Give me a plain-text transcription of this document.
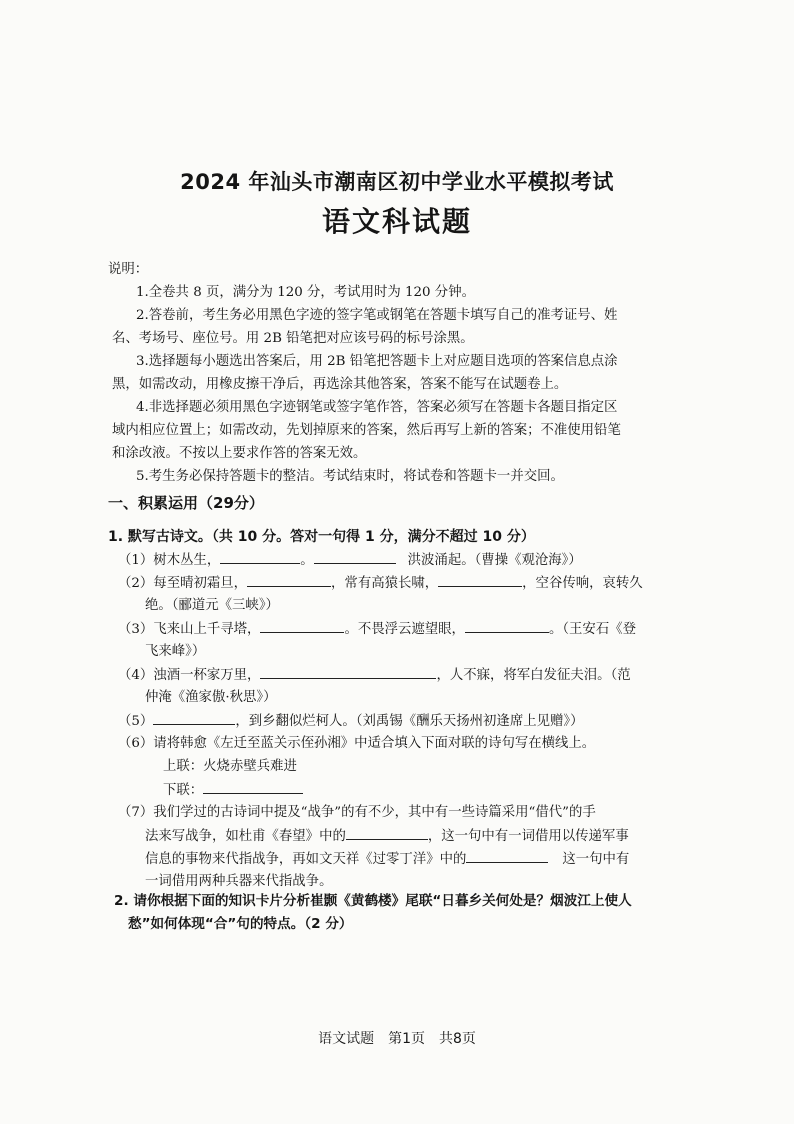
2024 年汕头市潮南区初中学业水平模拟考试
语文科试题
说明：
1.全卷共 8 页，满分为 120 分，考试用时为 120 分钟。
2.答卷前，考生务必用黑色字迹的签字笔或钢笔在答题卡填写自己的准考证号、姓
名、考场号、座位号。用 2B 铅笔把对应该号码的标号涂黑。
3.选择题每小题选出答案后，用 2B 铅笔把答题卡上对应题目选项的答案信息点涂
黑，如需改动，用橡皮擦干净后，再选涂其他答案，答案不能写在试题卷上。
4.非选择题必须用黑色字迹钢笔或签字笔作答，答案必须写在答题卡各题目指定区
域内相应位置上；如需改动，先划掉原来的答案，然后再写上新的答案；不准使用铅笔
和涂改液。不按以上要求作答的答案无效。
5.考生务必保持答题卡的整洁。考试结束时，将试卷和答题卡一并交回。
一、积累运用（29分）
1. 默写古诗文。（共 10 分。答对一句得 1 分，满分不超过 10 分）
（1）树木丛生，	。	洪波涌起。（曹操《观沧海》）
（2）每至晴初霜旦，	，常有高猿长啸，	，空谷传响，哀转久
绝。（郦道元《三峡》）
（3）飞来山上千寻塔，	。不畏浮云遮望眼，	。（王安石《登
飞来峰》）
（4）浊酒一杯家万里，	，人不寐，将军白发征夫泪。（范
仲淹《渔家傲·秋思》）
（5）	，到乡翻似烂柯人。（刘禹锡《酬乐天扬州初逢席上见赠》）
（6）请将韩愈《左迁至蓝关示侄孙湘》中适合填入下面对联的诗句写在横线上。
上联：火烧赤壁兵难进
下联：
（7）我们学过的古诗词中提及“战争”的有不少，其中有一些诗篇采用“借代”的手
法来写战争，如杜甫《春望》中的	，这一句中有一词借用以传递军事
信息的事物来代指战争，再如文天祥《过零丁洋》中的	这一句中有
一词借用两种兵器来代指战争。
2. 请你根据下面的知识卡片分析崔颢《黄鹤楼》尾联“日暮乡关何处是？烟波江上使人
愁”如何体现“合”句的特点。（2 分）
语文试题 第1页 共8页
